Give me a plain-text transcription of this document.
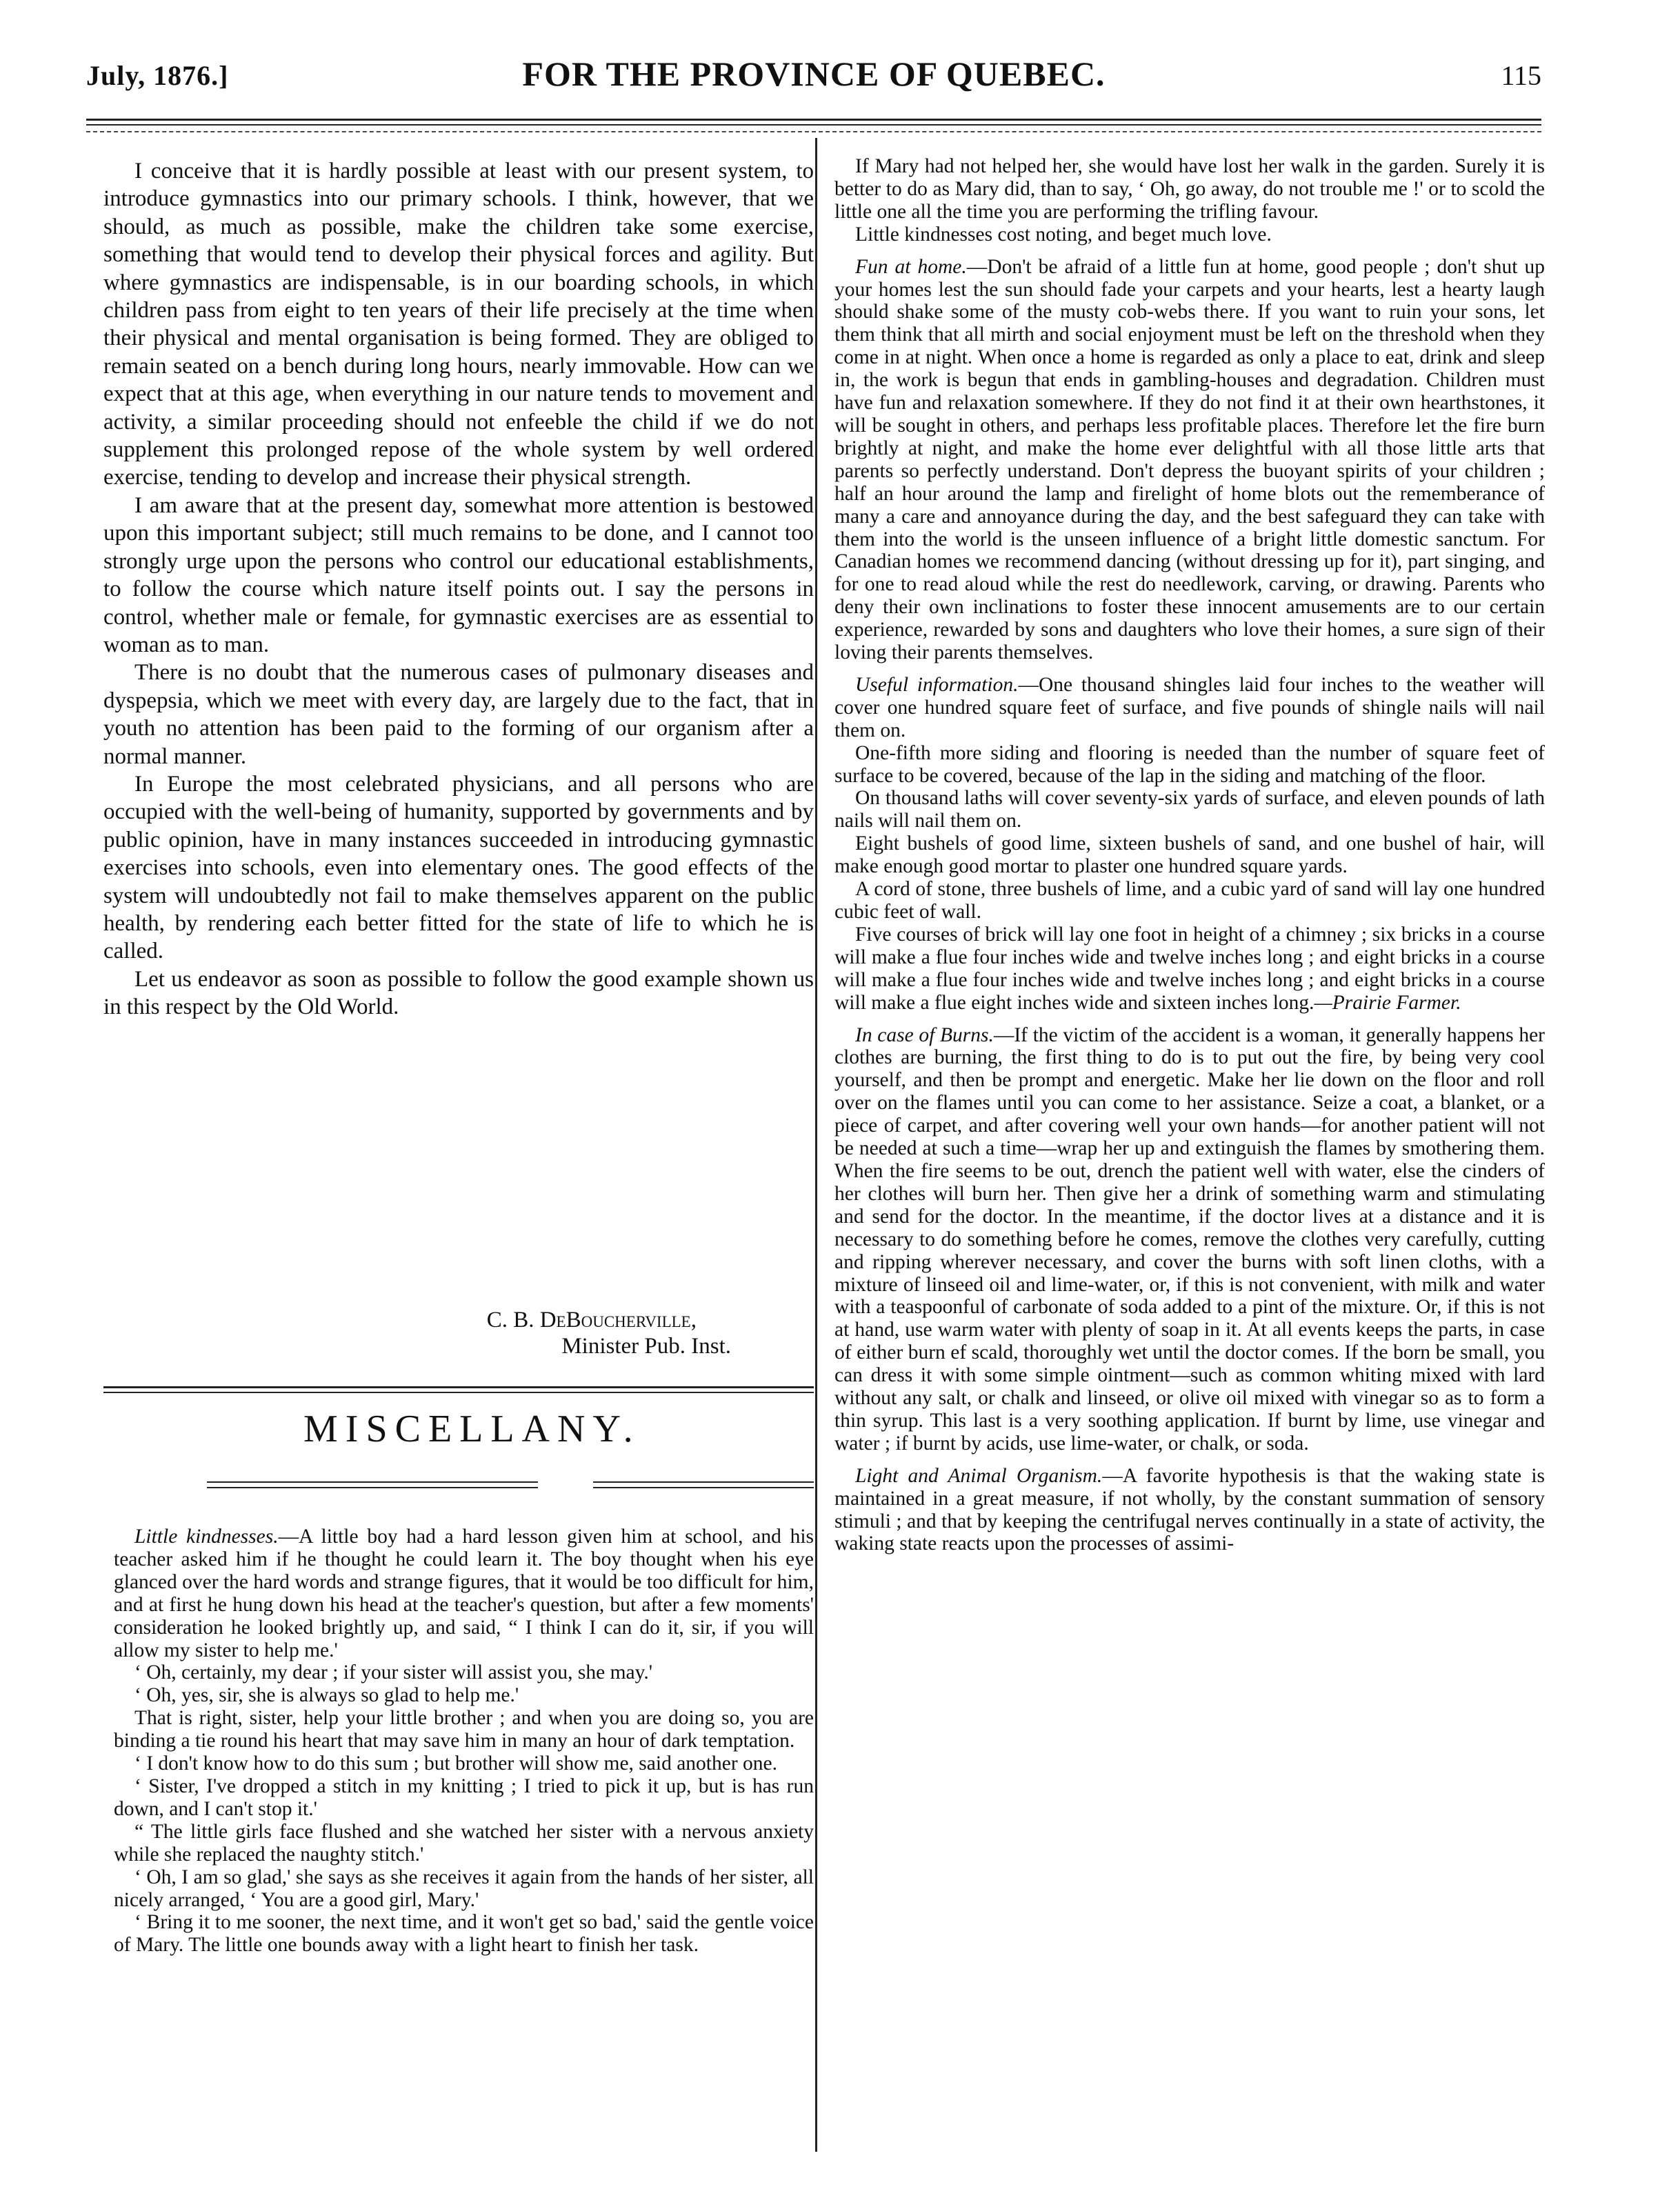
July, 1876.]	FOR THE PROVINCE OF QUEBEC.	115

I conceive that it is hardly possible at least with our present system, to introduce gymnastics into our primary schools. I think, however, that we should, as much as possible, make the children take some exercise, something that would tend to develop their physical forces and agility. But where gymnastics are indispensable, is in our boarding schools, in which children pass from eight to ten years of their life precisely at the time when their physical and mental organisation is being formed. They are obliged to remain seated on a bench during long hours, nearly immovable. How can we expect that at this age, when everything in our nature tends to movement and activity, a similar proceeding should not enfeeble the child if we do not supplement this prolonged repose of the whole system by well ordered exercise, tending to develop and increase their physical strength.

I am aware that at the present day, somewhat more attention is bestowed upon this important subject; still much remains to be done, and I cannot too strongly urge upon the persons who control our educational establishments, to follow the course which nature itself points out. I say the persons in control, whether male or female, for gymnastic exercises are as essential to woman as to man.

There is no doubt that the numerous cases of pulmonary diseases and dyspepsia, which we meet with every day, are largely due to the fact, that in youth no attention has been paid to the forming of our organism after a normal manner.

In Europe the most celebrated physicians, and all persons who are occupied with the well-being of humanity, supported by governments and by public opinion, have in many instances succeeded in introducing gymnastic exercises into schools, even into elementary ones. The good effects of the system will undoubtedly not fail to make themselves apparent on the public health, by rendering each better fitted for the state of life to which he is called.

Let us endeavor as soon as possible to follow the good example shown us in this respect by the Old World.

C. B. DeBoucherville,
Minister Pub. Inst.
MISCELLANY.

Little kindnesses.—A little boy had a hard lesson given him at school, and his teacher asked him if he thought he could learn it. The boy thought when his eye glanced over the hard words and strange figures, that it would be too difficult for him, and at first he hung down his head at the teacher's question, but after a few moments' consideration he looked brightly up, and said, “ I think I can do it, sir, if you will allow my sister to help me.'

‘ Oh, certainly, my dear ; if your sister will assist you, she may.'

‘ Oh, yes, sir, she is always so glad to help me.'

That is right, sister, help your little brother ; and when you are doing so, you are binding a tie round his heart that may save him in many an hour of dark temptation.

‘ I don't know how to do this sum ; but brother will show me, said another one.

‘ Sister, I've dropped a stitch in my knitting ; I tried to pick it up, but is has run down, and I can't stop it.'

“ The little girls face flushed and she watched her sister with a nervous anxiety while she replaced the naughty stitch.'

‘ Oh, I am so glad,' she says as she receives it again from the hands of her sister, all nicely arranged, ‘ You are a good girl, Mary.'

‘ Bring it to me sooner, the next time, and it won't get so bad,' said the gentle voice of Mary. The little one bounds away with a light heart to finish her task.

If Mary had not helped her, she would have lost her walk in the garden. Surely it is better to do as Mary did, than to say, ‘ Oh, go away, do not trouble me !' or to scold the little one all the time you are performing the trifling favour.

Little kindnesses cost noting, and beget much love.

Fun at home.—Don't be afraid of a little fun at home, good people ; don't shut up your homes lest the sun should fade your carpets and your hearts, lest a hearty laugh should shake some of the musty cob-webs there. If you want to ruin your sons, let them think that all mirth and social enjoyment must be left on the threshold when they come in at night. When once a home is regarded as only a place to eat, drink and sleep in, the work is begun that ends in gambling-houses and degradation. Children must have fun and relaxation somewhere. If they do not find it at their own hearthstones, it will be sought in others, and perhaps less profitable places. Therefore let the fire burn brightly at night, and make the home ever delightful with all those little arts that parents so perfectly understand. Don't depress the buoyant spirits of your children ; half an hour around the lamp and firelight of home blots out the rememberance of many a care and annoyance during the day, and the best safeguard they can take with them into the world is the unseen influence of a bright little domestic sanctum. For Canadian homes we recommend dancing (without dressing up for it), part singing, and for one to read aloud while the rest do needlework, carving, or drawing. Parents who deny their own inclinations to foster these innocent amusements are to our certain experience, rewarded by sons and daughters who love their homes, a sure sign of their loving their parents themselves.

Useful information.—One thousand shingles laid four inches to the weather will cover one hundred square feet of surface, and five pounds of shingle nails will nail them on.

One-fifth more siding and flooring is needed than the number of square feet of surface to be covered, because of the lap in the siding and matching of the floor.

On thousand laths will cover seventy-six yards of surface, and eleven pounds of lath nails will nail them on.

Eight bushels of good lime, sixteen bushels of sand, and one bushel of hair, will make enough good mortar to plaster one hundred square yards.

A cord of stone, three bushels of lime, and a cubic yard of sand will lay one hundred cubic feet of wall.

Five courses of brick will lay one foot in height of a chimney ; six bricks in a course will make a flue four inches wide and twelve inches long ; and eight bricks in a course will make a flue four inches wide and twelve inches long ; and eight bricks in a course will make a flue eight inches wide and sixteen inches long.—Prairie Farmer.

In case of Burns.—If the victim of the accident is a woman, it generally happens her clothes are burning, the first thing to do is to put out the fire, by being very cool yourself, and then be prompt and energetic. Make her lie down on the floor and roll over on the flames until you can come to her assistance. Seize a coat, a blanket, or a piece of carpet, and after covering well your own hands—for another patient will not be needed at such a time—wrap her up and extinguish the flames by smothering them. When the fire seems to be out, drench the patient well with water, else the cinders of her clothes will burn her. Then give her a drink of something warm and stimulating and send for the doctor. In the meantime, if the doctor lives at a distance and it is necessary to do something before he comes, remove the clothes very carefully, cutting and ripping wherever necessary, and cover the burns with soft linen cloths, with a mixture of linseed oil and lime-water, or, if this is not convenient, with milk and water with a teaspoonful of carbonate of soda added to a pint of the mixture. Or, if this is not at hand, use warm water with plenty of soap in it. At all events keeps the parts, in case of either burn ef scald, thoroughly wet until the doctor comes. If the born be small, you can dress it with some simple ointment—such as common whiting mixed with lard without any salt, or chalk and linseed, or olive oil mixed with vinegar so as to form a thin syrup. This last is a very soothing application. If burnt by lime, use vinegar and water ; if burnt by acids, use lime-water, or chalk, or soda.

Light and Animal Organism.—A favorite hypothesis is that the waking state is maintained in a great measure, if not wholly, by the constant summation of sensory stimuli ; and that by keeping the centrifugal nerves continually in a state of activity, the waking state reacts upon the processes of assimi-
